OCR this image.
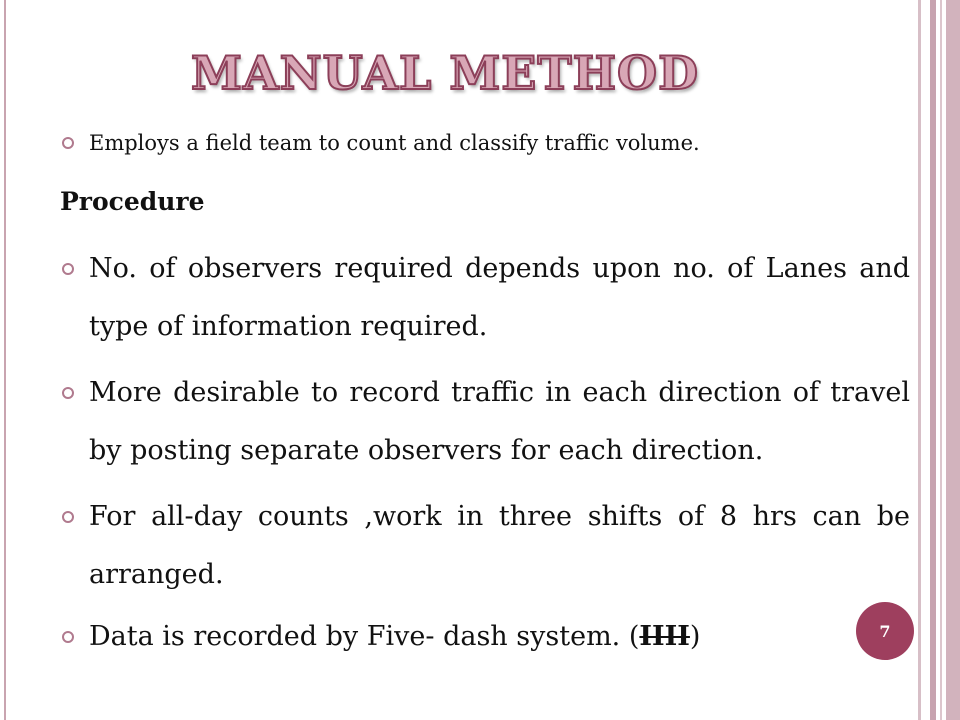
MANUAL METHOD
Employs a field team to count and classify traffic volume.
Procedure
No. of observers required depends upon no. of Lanes and type of information required.
More desirable to record traffic in each direction of travel by posting separate observers for each direction.
For all-day counts ,work in three shifts of 8 hrs can be arranged.
Data is recorded by Five- dash system. (IIII)	7
